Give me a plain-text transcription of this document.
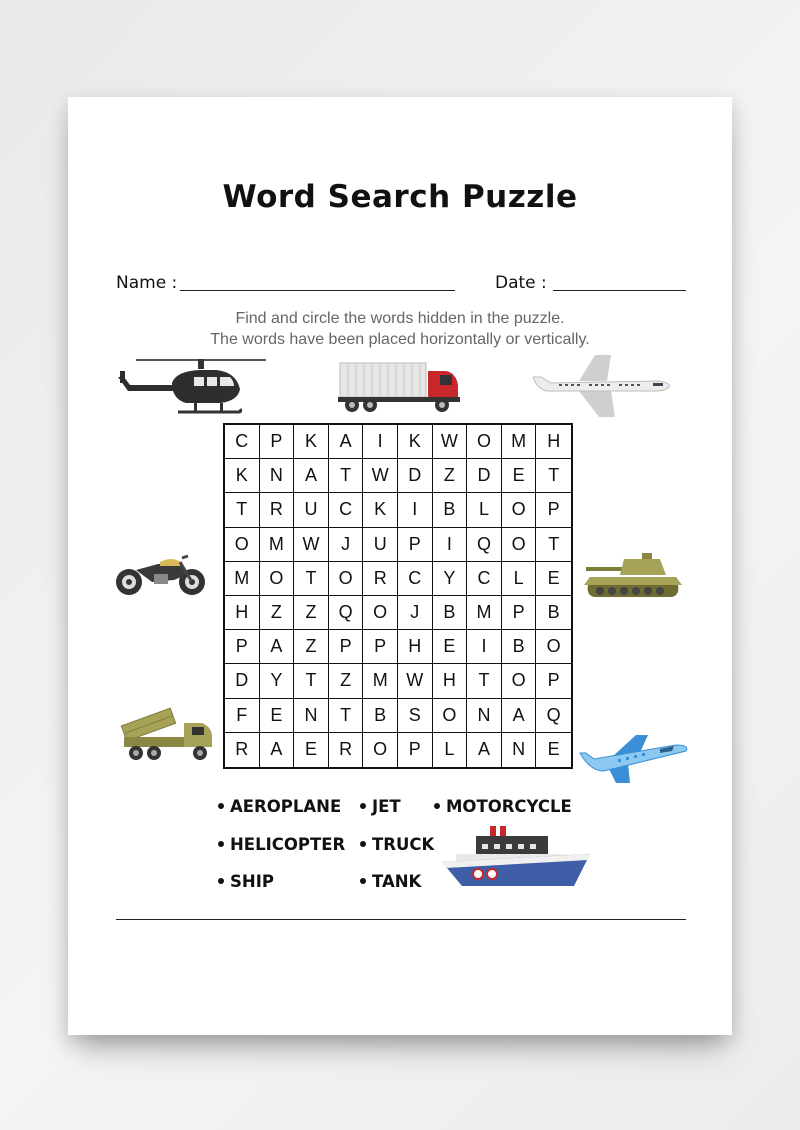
Word Search Puzzle
Name :	Date :
Find and circle the words hidden in the puzzle.
The words have been placed horizontally or vertically.
C	P	K	A	I	K	W	O	M	H
K	N	A	T	W	D	Z	D	E	T
T	R	U	C	K	I	B	L	O	P
O	M	W	J	U	P	I	Q	O	T
M	O	T	O	R	C	Y	C	L	E
H	Z	Z	Q	O	J	B	M	P	B
P	A	Z	P	P	H	E	I	B	O
D	Y	T	Z	M	W	H	T	O	P
F	E	N	T	B	S	O	N	A	Q
R	A	E	R	O	P	L	A	N	E
AEROPLANE	JET	MOTORCYCLE
HELICOPTER	TRUCK
SHIP	TANK
